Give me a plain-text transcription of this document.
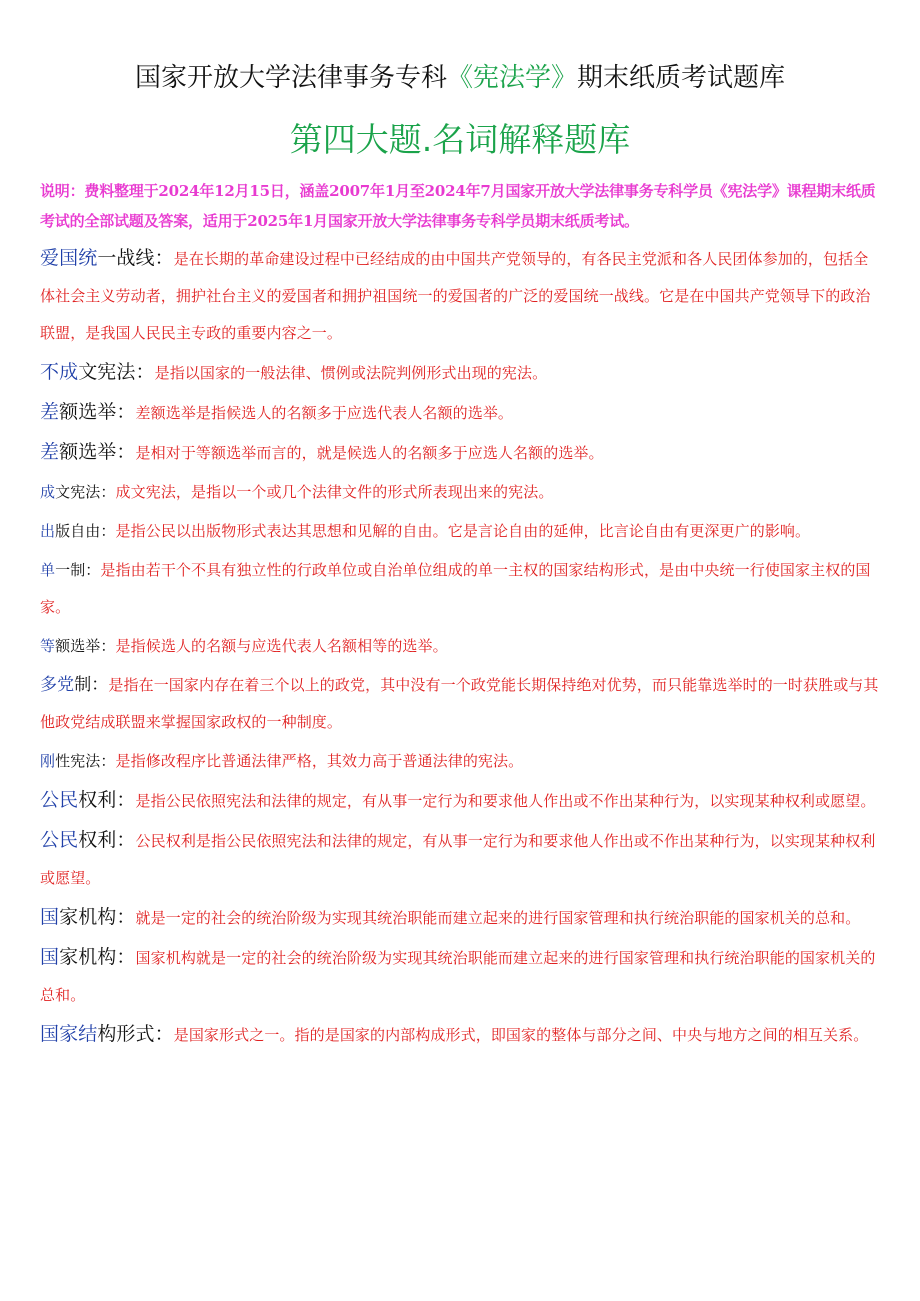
国家开放大学法律事务专科《宪法学》期末纸质考试题库
第四大题.名词解释题库
说明：费料整理于2024年12月15日，涵盖2007年1月至2024年7月国家开放大学法律事务专科学员《宪法学》课程期末纸质考试的全部试题及答案，适用于2025年1月国家开放大学法律事务专科学员期末纸质考试。

爱国统一战线：是在长期的革命建设过程中已经结成的由中国共产党领导的，有各民主党派和各人民团体参加的，包括全体社会主义劳动者，拥护社台主义的爱国者和拥护祖国统一的爱国者的广泛的爱国统一战线。它是在中国共产党领导下的政治联盟，是我国人民民主专政的重要内容之一。

不成文宪法：是指以国家的一般法律、惯例或法院判例形式出现的宪法。

差额选举：差额选举是指候选人的名额多于应选代表人名额的选举。

差额选举：是相对于等额选举而言的，就是候选人的名额多于应选人名额的选举。

成文宪法：成文宪法，是指以一个或几个法律文件的形式所表现出来的宪法。

出版自由：是指公民以出版物形式表达其思想和见解的自由。它是言论自由的延伸，比言论自由有更深更广的影响。

单一制：是指由若干个不具有独立性的行政单位或自治单位组成的单一主权的国家结构形式，是由中央统一行使国家主权的国家。

等额选举：是指候选人的名额与应选代表人名额相等的选举。

多党制：是指在一国家内存在着三个以上的政党，其中没有一个政党能长期保持绝对优势，而只能靠选举时的一时获胜或与其他政党结成联盟来掌握国家政权的一种制度。

刚性宪法：是指修改程序比普通法律严格，其效力高于普通法律的宪法。

公民权利：是指公民依照宪法和法律的规定，有从事一定行为和要求他人作出或不作出某种行为，以实现某种权利或愿望。

公民权利：公民权利是指公民依照宪法和法律的规定，有从事一定行为和要求他人作出或不作出某种行为，以实现某种权利或愿望。

国家机构：就是一定的社会的统治阶级为实现其统治职能而建立起来的进行国家管理和执行统治职能的国家机关的总和。

国家机构：国家机构就是一定的社会的统治阶级为实现其统治职能而建立起来的进行国家管理和执行统治职能的国家机关的总和。

国家结构形式：是国家形式之一。指的是国家的内部构成形式，即国家的整体与部分之间、中央与地方之间的相互关系。
